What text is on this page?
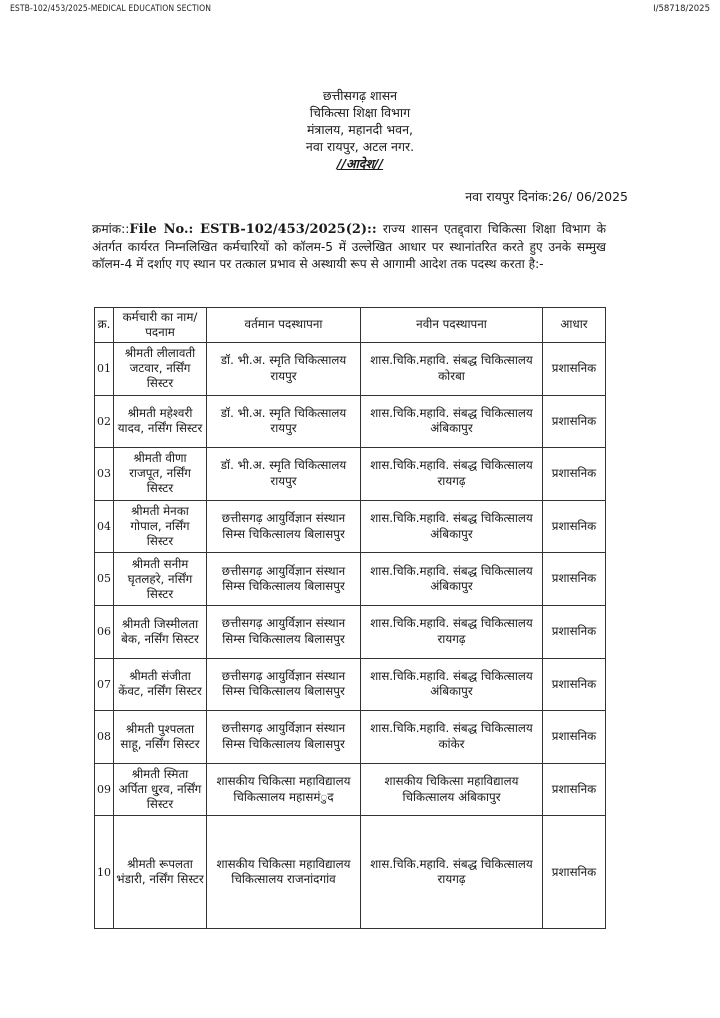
ESTB-102/453/2025-MEDICAL EDUCATION SECTION	I/58718/2025
छत्तीसगढ़ शासन
चिकित्सा शिक्षा विभाग
मंत्रालय, महानदी भवन,
नवा रायपुर, अटल नगर.
//आदेश//
नवा रायपुर दिनांक:26/ 06/2025
क्रमांक::File No.: ESTB-102/453/2025(2):: राज्य शासन एतद्द्वारा चिकित्सा शिक्षा विभाग के अंतर्गत कार्यरत निम्नलिखित कर्मचारियों को कॉलम-5 में उल्लेखित आधार पर स्थानांतरित करते हुए उनके सम्मुख कॉलम-4 में दर्शाए गए स्थान पर तत्काल प्रभाव से अस्थायी रूप से आगामी आदेश तक पदस्थ करता है:-
क्र.	कर्मचारी का नाम/पदनाम	वर्तमान पदस्थापना	नवीन पदस्थापना	आधार
01	श्रीमती लीलावती जटवार, नर्सिंग सिस्टर	डॉ. भी.अ. स्मृति चिकित्सालय रायपुर	शास.चिकि.महावि. संबद्ध चिकित्सालय कोरबा	प्रशासनिक
02	श्रीमती महेश्वरी यादव, नर्सिंग सिस्टर	डॉ. भी.अ. स्मृति चिकित्सालय रायपुर	शास.चिकि.महावि. संबद्ध चिकित्सालय अंबिकापुर	प्रशासनिक
03	श्रीमती वीणा राजपूत, नर्सिंग सिस्टर	डॉ. भी.अ. स्मृति चिकित्सालय रायपुर	शास.चिकि.महावि. संबद्ध चिकित्सालय रायगढ़	प्रशासनिक
04	श्रीमती मेनका गोपाल, नर्सिंग सिस्टर	छत्तीसगढ़ आयुर्विज्ञान संस्थान सिम्स चिकित्सालय बिलासपुर	शास.चिकि.महावि. संबद्ध चिकित्सालय अंबिकापुर	प्रशासनिक
05	श्रीमती सनीम घृतलहरे, नर्सिंग सिस्टर	छत्तीसगढ़ आयुर्विज्ञान संस्थान सिम्स चिकित्सालय बिलासपुर	शास.चिकि.महावि. संबद्ध चिकित्सालय अंबिकापुर	प्रशासनिक
06	श्रीमती जिस्मीलता बेक, नर्सिंग सिस्टर	छत्तीसगढ़ आयुर्विज्ञान संस्थान सिम्स चिकित्सालय बिलासपुर	शास.चिकि.महावि. संबद्ध चिकित्सालय रायगढ़	प्रशासनिक
07	श्रीमती संजीता केंवट, नर्सिंग सिस्टर	छत्तीसगढ़ आयुर्विज्ञान संस्थान सिम्स चिकित्सालय बिलासपुर	शास.चिकि.महावि. संबद्ध चिकित्सालय अंबिकापुर	प्रशासनिक
08	श्रीमती पुश्पलता साहू, नर्सिंग सिस्टर	छत्तीसगढ़ आयुर्विज्ञान संस्थान सिम्स चिकित्सालय बिलासपुर	शास.चिकि.महावि. संबद्ध चिकित्सालय कांकेर	प्रशासनिक
09	श्रीमती स्मिता अर्पिता धु्रव, नर्सिंग सिस्टर	शासकीय चिकित्सा महाविद्यालय चिकित्सालय महासमंुद	शासकीय चिकित्सा महाविद्यालय चिकित्सालय अंबिकापुर	प्रशासनिक
10	श्रीमती रूपलता भंडारी, नर्सिंग सिस्टर	शासकीय चिकित्सा महाविद्यालय चिकित्सालय राजनांदगांव	शास.चिकि.महावि. संबद्ध चिकित्सालय रायगढ़	प्रशासनिक
